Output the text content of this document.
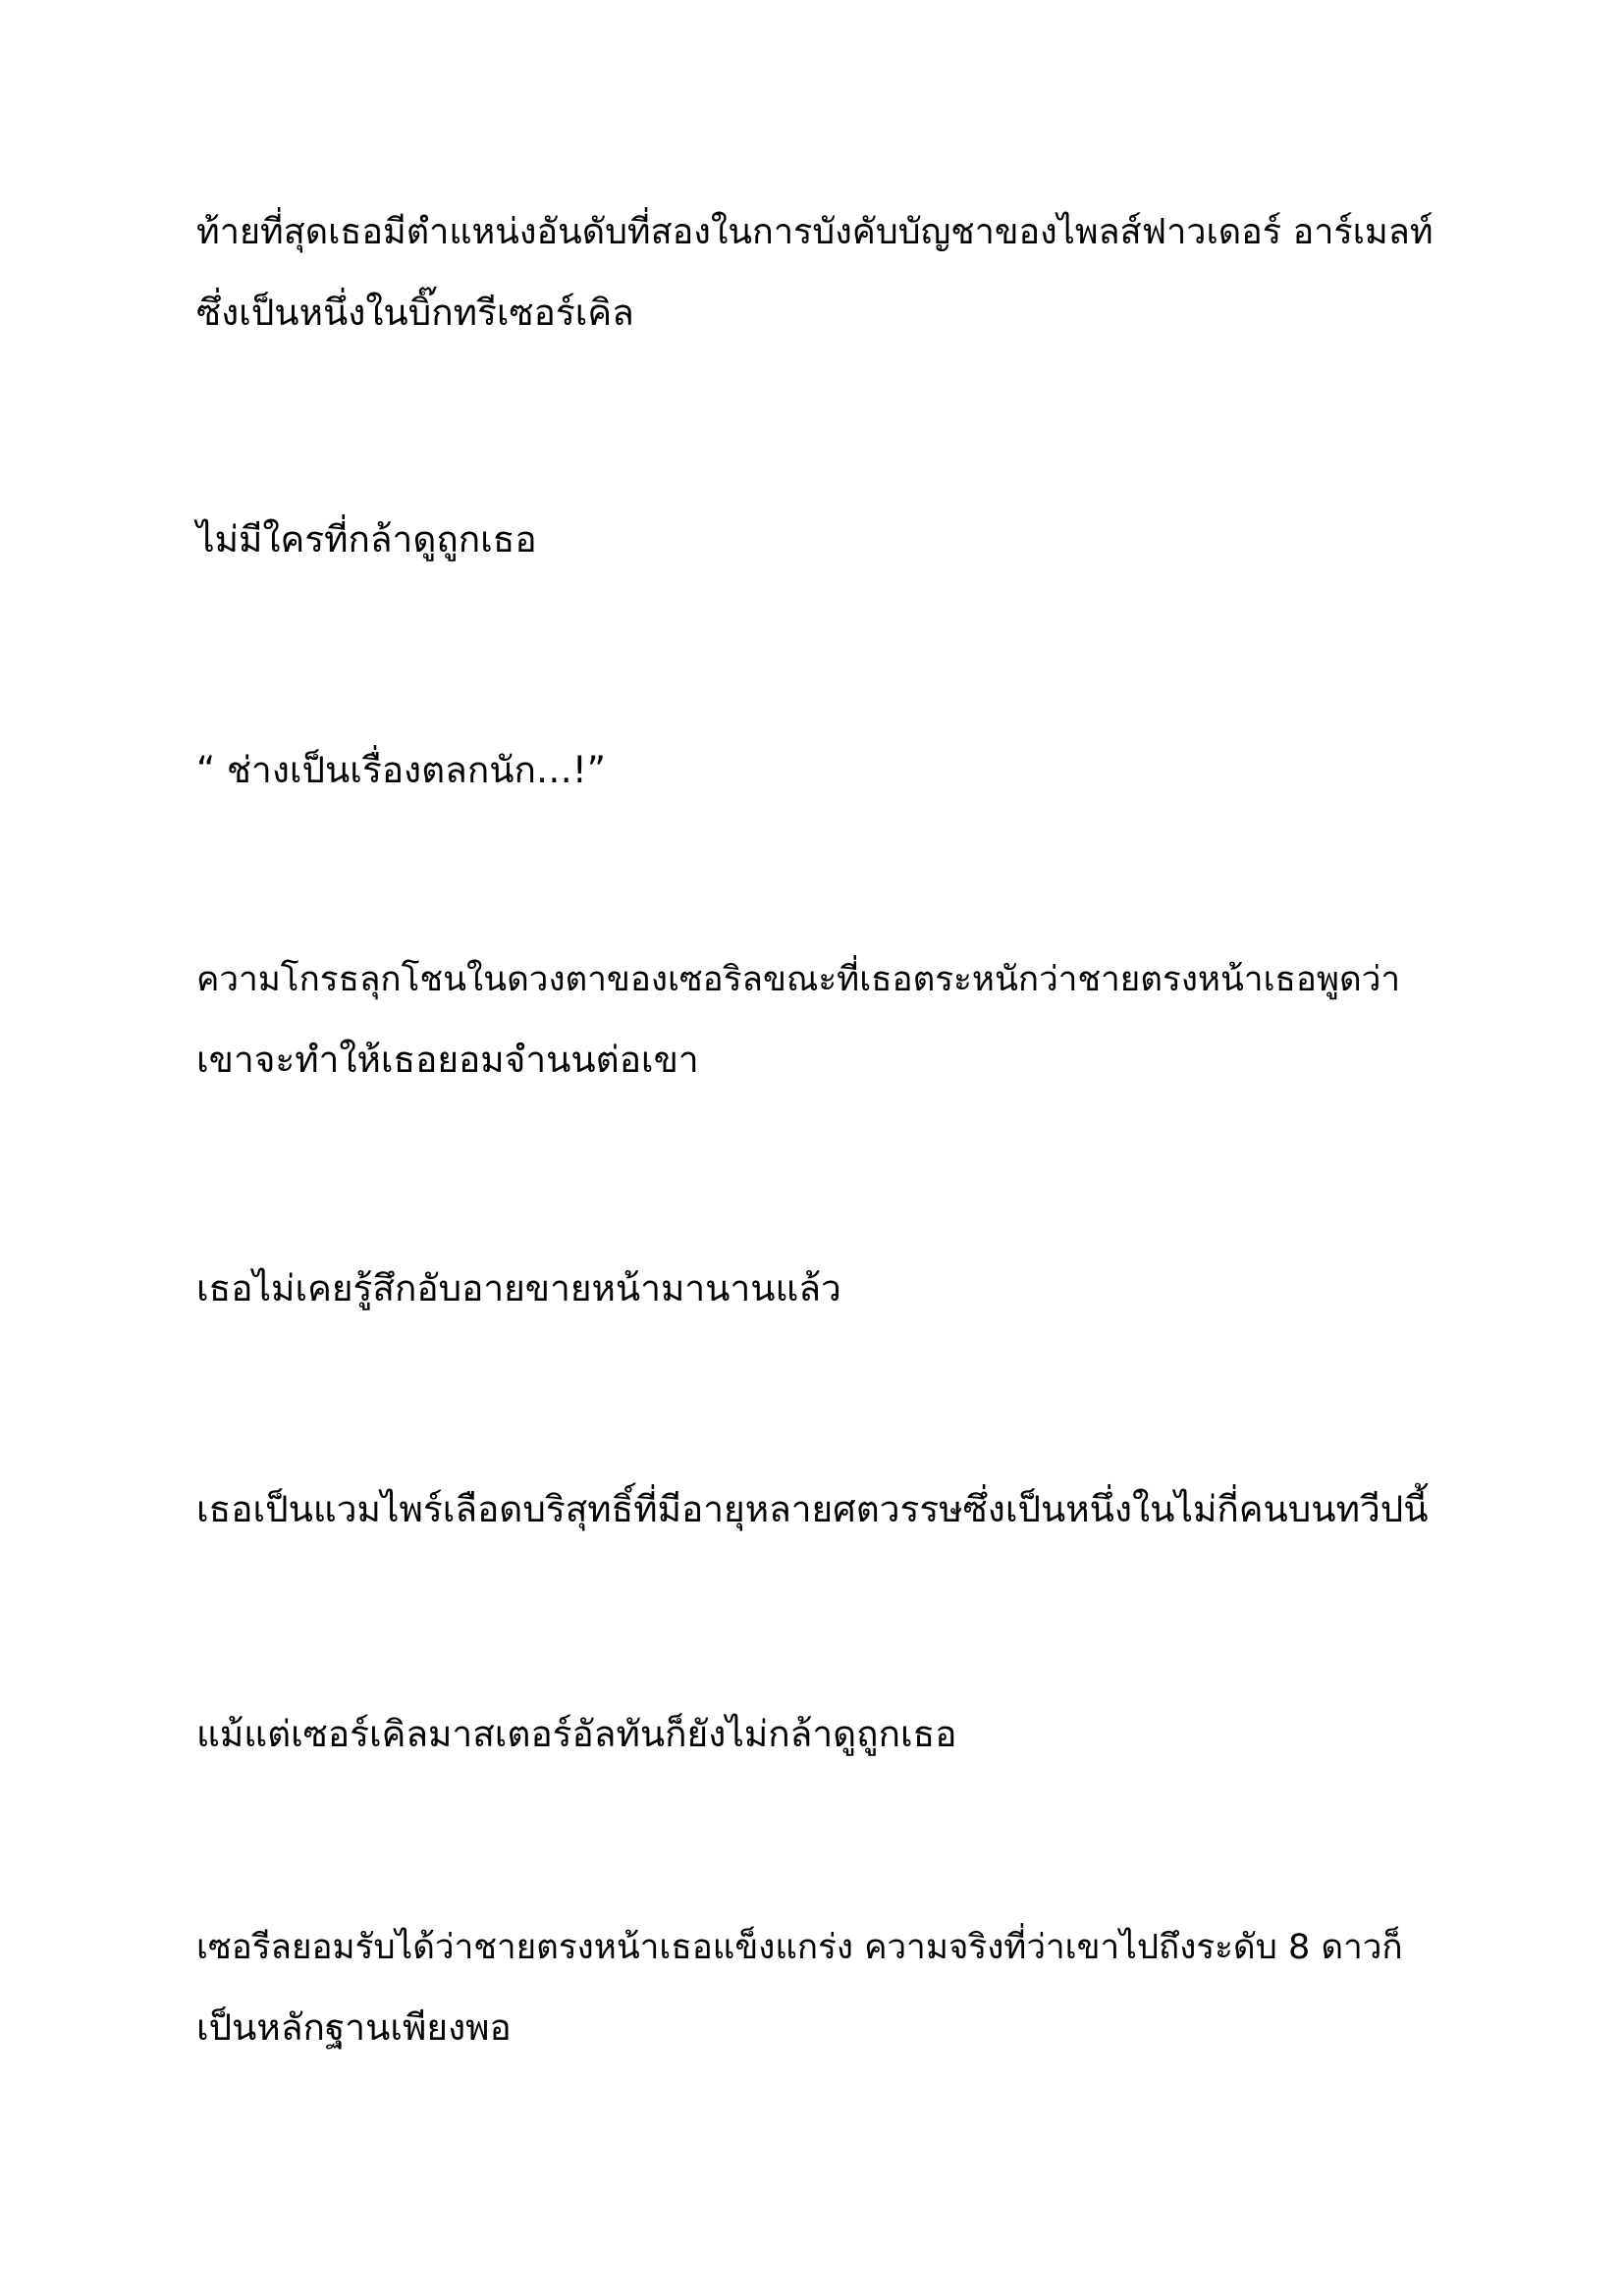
ท้ายที่สุดเธอมีตำแหน่งอันดับที่สองในการบังคับบัญชาของไพลส์ฟาวเดอร์ อาร์เมลท์
ซึ่งเป็นหนึ่งในบิ๊กทรีเซอร์เคิล

ไม่มีใครที่กล้าดูถูกเธอ

“ ช่างเป็นเรื่องตลกนัก…!”

ความโกรธลุกโชนในดวงตาของเซอริลขณะที่เธอตระหนักว่าชายตรงหน้าเธอพูดว่า
เขาจะทำให้เธอยอมจำนนต่อเขา

เธอไม่เคยรู้สึกอับอายขายหน้ามานานแล้ว

เธอเป็นแวมไพร์เลือดบริสุทธิ์ที่มีอายุหลายศตวรรษซึ่งเป็นหนึ่งในไม่กี่คนบนทวีปนี้

แม้แต่เซอร์เคิลมาสเตอร์อัลทันก็ยังไม่กล้าดูถูกเธอ

เซอรีลยอมรับได้ว่าชายตรงหน้าเธอแข็งแกร่ง ความจริงที่ว่าเขาไปถึงระดับ 8 ดาวก็
เป็นหลักฐานเพียงพอ
